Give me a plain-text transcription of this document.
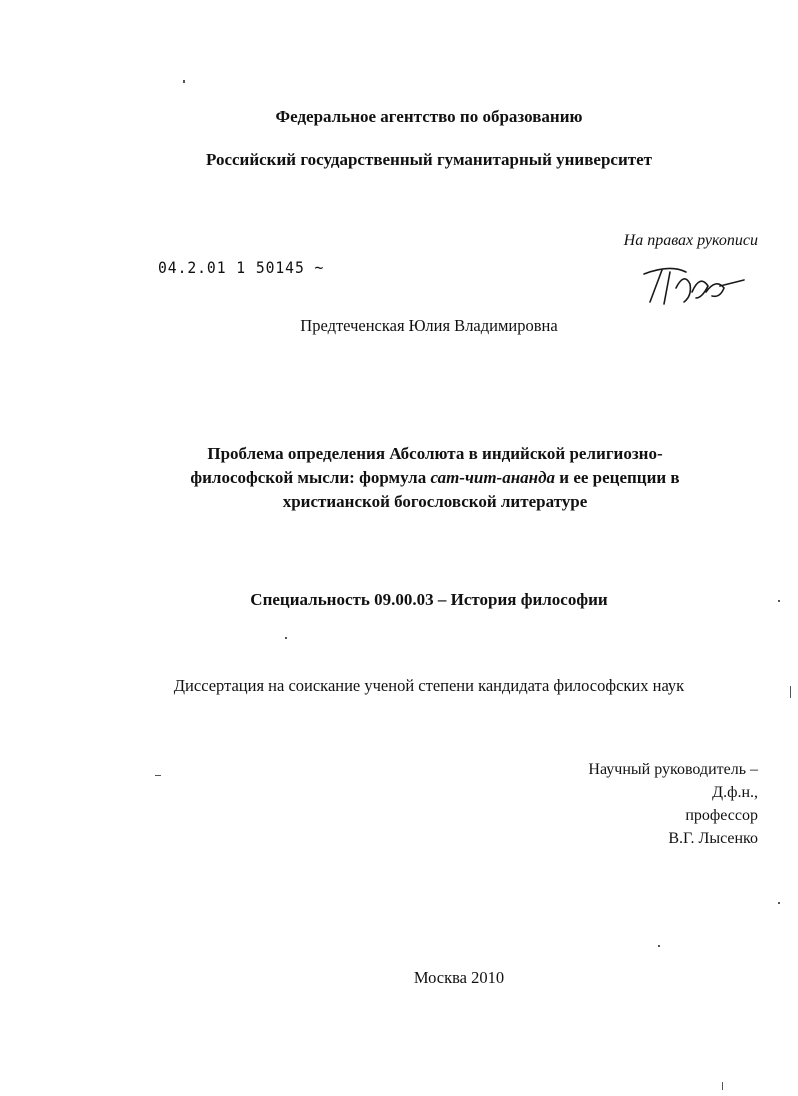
Федеральное агентство по образованию
Российский государственный гуманитарный университет
На правах рукописи
04.2.01 1 50145 ~
Предтеченская Юлия Владимировна
Проблема определения Абсолюта в индийской религиозно-
философской мысли: формула сат-чит-ананда и ее рецепции в
христианской богословской литературе
Специальность 09.00.03 – История философии
Диссертация на соискание ученой степени кандидата философских наук
Научный руководитель –
Д.ф.н.,
профессор
В.Г. Лысенко
Москва 2010
